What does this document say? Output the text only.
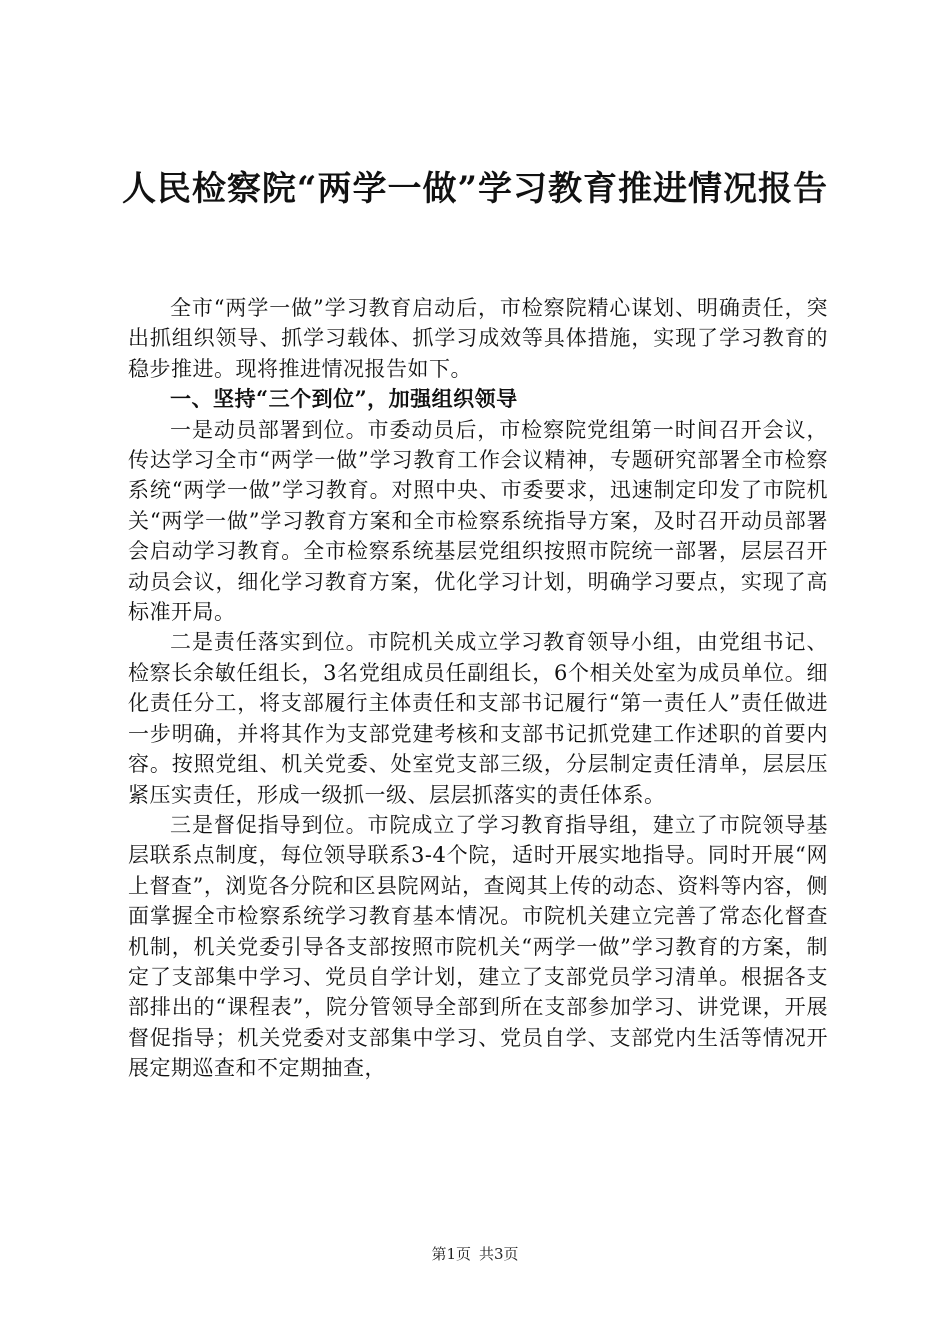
人民检察院“两学一做”学习教育推进情况报告

全市“两学一做”学习教育启动后，市检察院精心谋划、明确责任，突出抓组织领导、抓学习载体、抓学习成效等具体措施，实现了学习教育的稳步推进。现将推进情况报告如下。

一、坚持“三个到位”，加强组织领导

一是动员部署到位。市委动员后，市检察院党组第一时间召开会议，传达学习全市“两学一做”学习教育工作会议精神，专题研究部署全市检察系统“两学一做”学习教育。对照中央、市委要求，迅速制定印发了市院机关“两学一做”学习教育方案和全市检察系统指导方案，及时召开动员部署会启动学习教育。全市检察系统基层党组织按照市院统一部署，层层召开动员会议，细化学习教育方案，优化学习计划，明确学习要点，实现了高标准开局。

二是责任落实到位。市院机关成立学习教育领导小组，由党组书记、检察长余敏任组长，3名党组成员任副组长，6个相关处室为成员单位。细化责任分工，将支部履行主体责任和支部书记履行“第一责任人”责任做进一步明确，并将其作为支部党建考核和支部书记抓党建工作述职的首要内容。按照党组、机关党委、处室党支部三级，分层制定责任清单，层层压紧压实责任，形成一级抓一级、层层抓落实的责任体系。

三是督促指导到位。市院成立了学习教育指导组，建立了市院领导基层联系点制度，每位领导联系3-4个院，适时开展实地指导。同时开展“网上督查”，浏览各分院和区县院网站，查阅其上传的动态、资料等内容，侧面掌握全市检察系统学习教育基本情况。市院机关建立完善了常态化督查机制，机关党委引导各支部按照市院机关“两学一做”学习教育的方案，制定了支部集中学习、党员自学计划，建立了支部党员学习清单。根据各支部排出的“课程表”，院分管领导全部到所在支部参加学习、讲党课，开展督促指导；机关党委对支部集中学习、党员自学、支部党内生活等情况开展定期巡查和不定期抽查，

第1页 共3页
